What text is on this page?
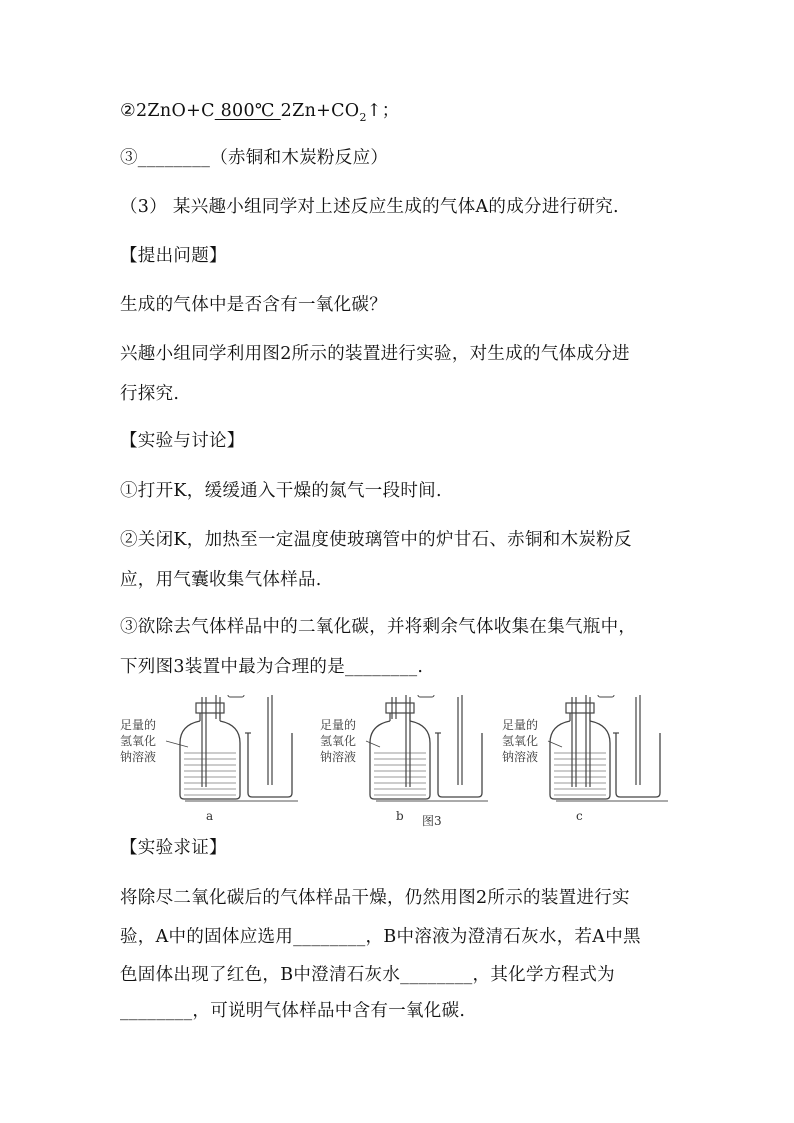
②2ZnO+C 800℃ $2Zn+CO_2↑$；
③________（赤铜和木炭粉反应）
（3） 某兴趣小组同学对上述反应生成的气体A的成分进行研究.
【提出问题】
生成的气体中是否含有一氧化碳？
兴趣小组同学利用图2所示的装置进行实验，对生成的气体成分进
行探究.
【实验与讨论】
①打开K，缓缓通入干燥的氮气一段时间.
②关闭K，加热至一定温度使玻璃管中的炉甘石、赤铜和木炭粉反
应，用气囊收集气体样品.
③欲除去气体样品中的二氧化碳，并将剩余气体收集在集气瓶中，
下列图3装置中最为合理的是________.
足量的
氢氧化
钠溶液
a
足量的
氢氧化
钠溶液
b 图3
足量的
氢氧化
钠溶液
c
【实验求证】
将除尽二氧化碳后的气体样品干燥，仍然用图2所示的装置进行实
验，A中的固体应选用________，B中溶液为澄清石灰水，若A中黑
色固体出现了红色，B中澄清石灰水________，其化学方程式为
________，可说明气体样品中含有一氧化碳.
